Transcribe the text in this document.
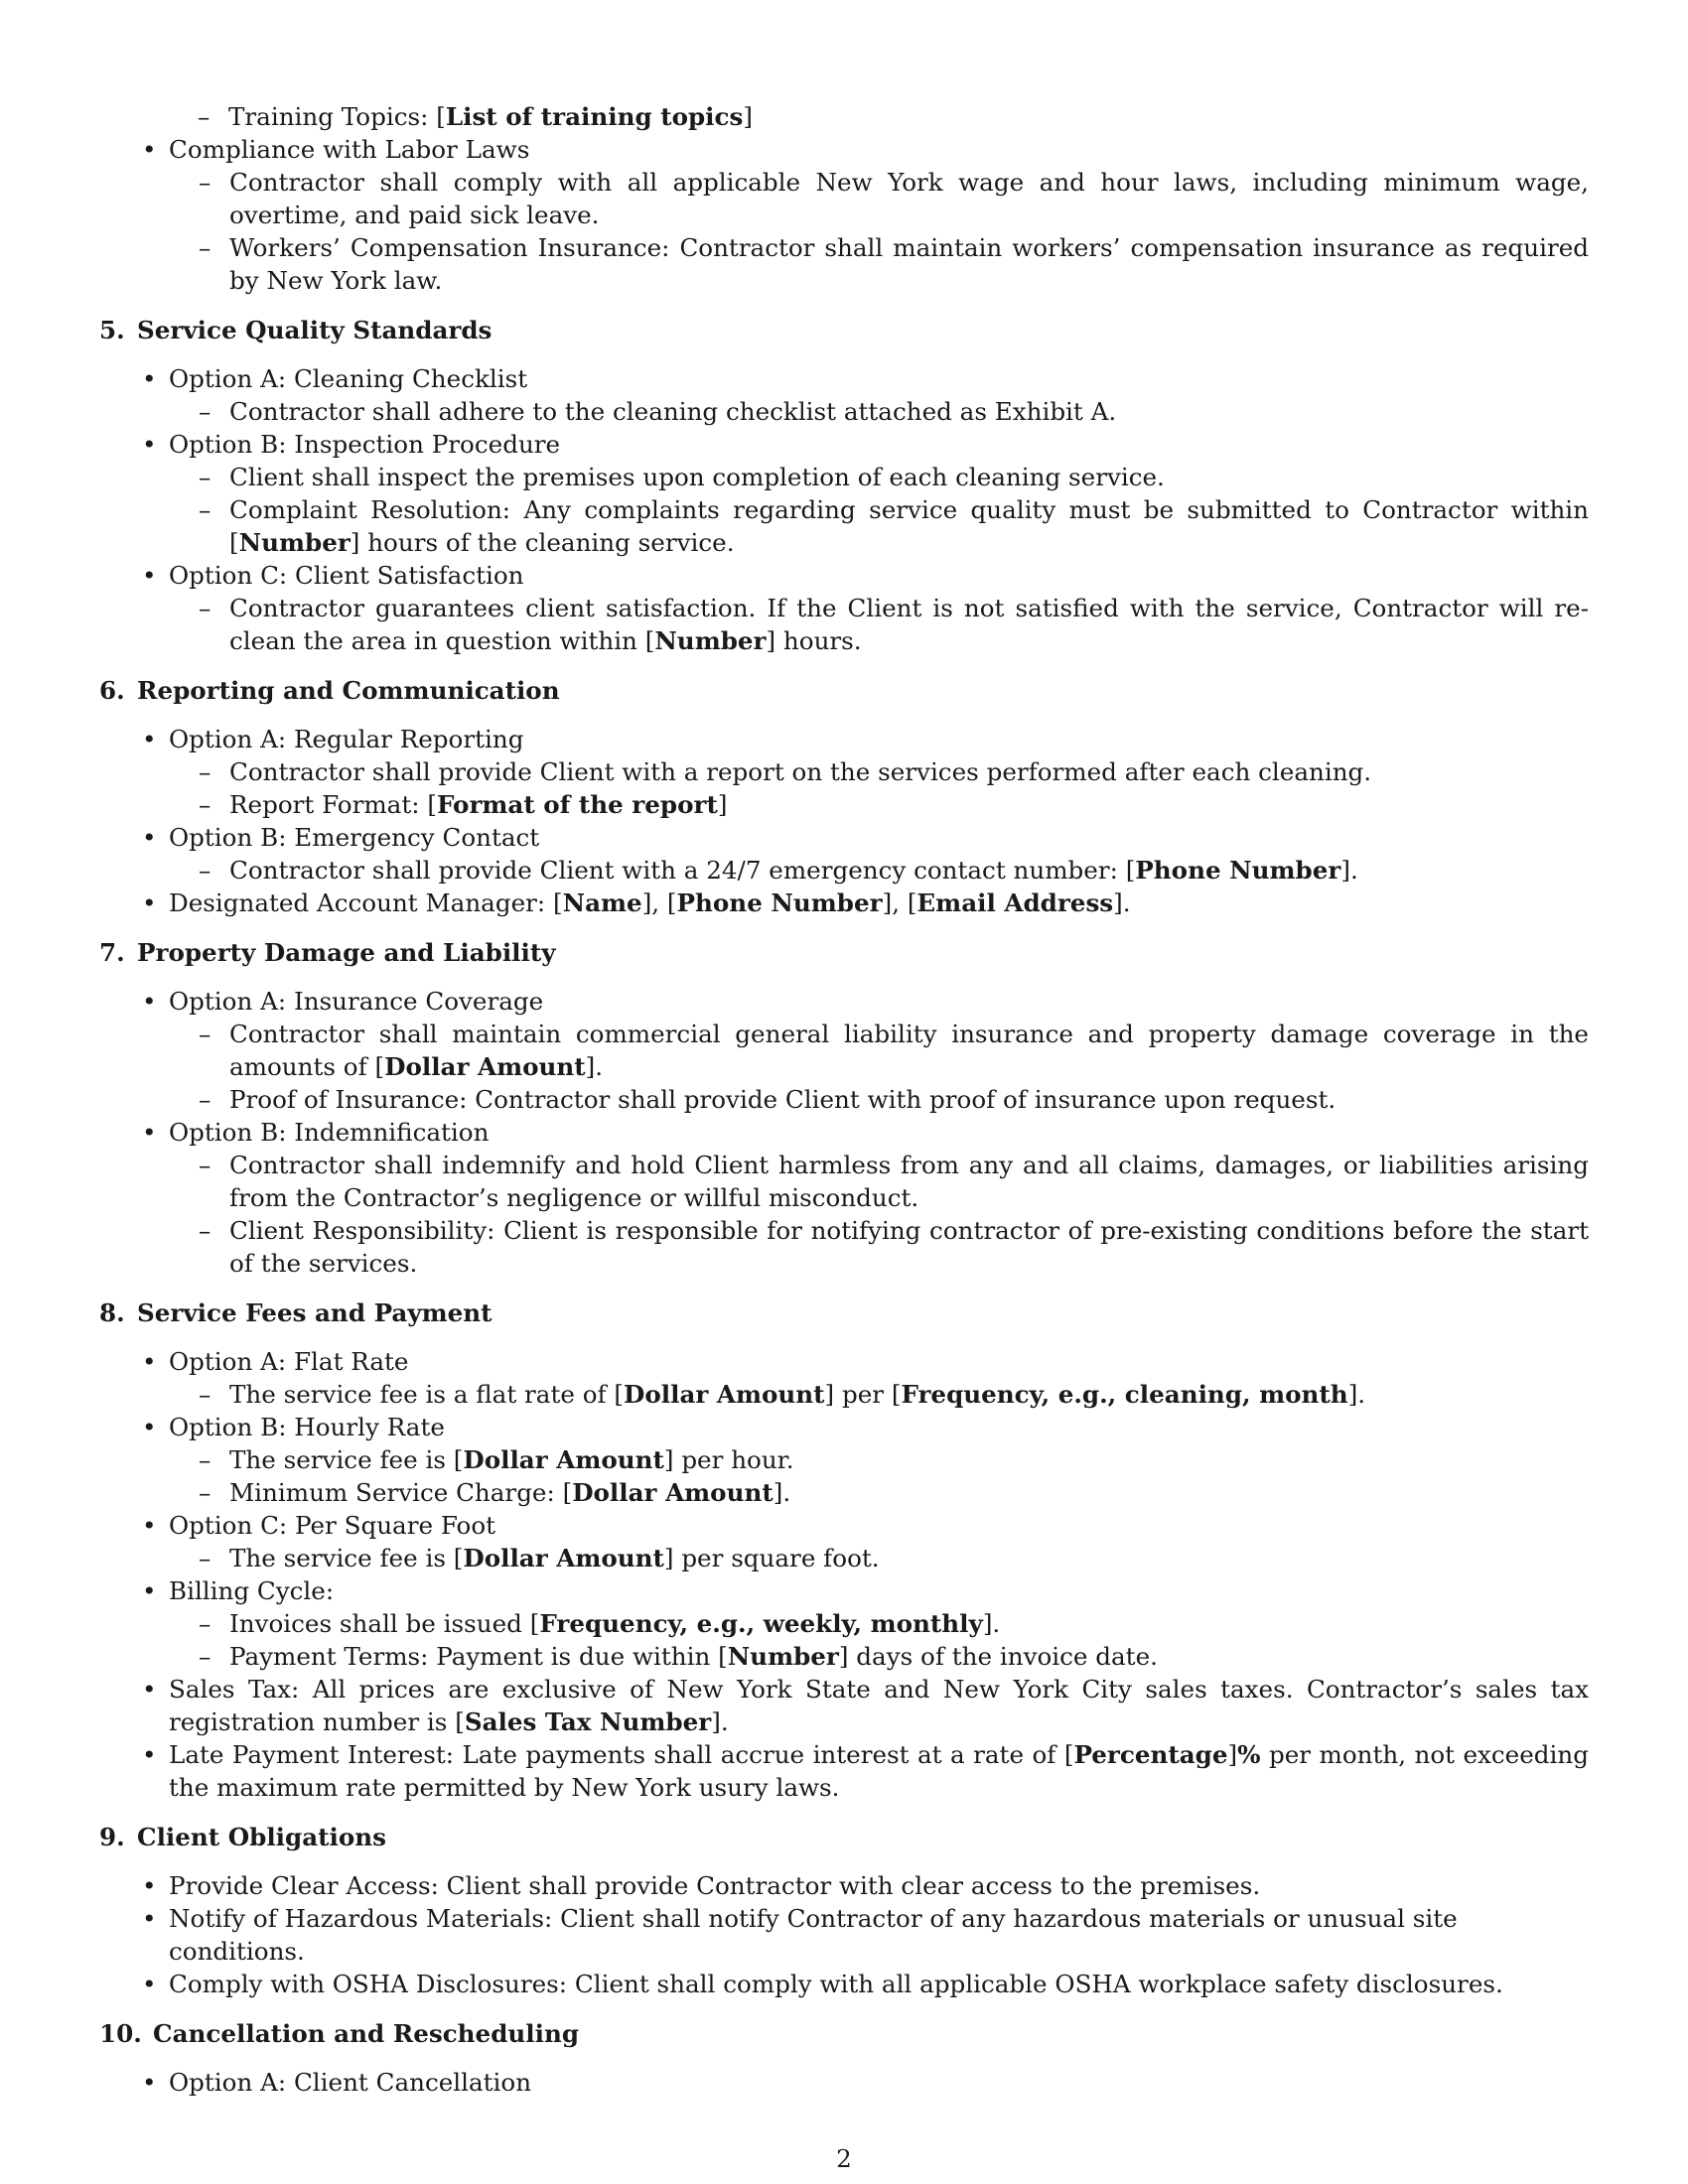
– Training Topics: [List of training topics]
• Compliance with Labor Laws
– Contractor shall comply with all applicable New York wage and hour laws, including minimum wage, overtime, and paid sick leave.
– Workers’ Compensation Insurance: Contractor shall maintain workers’ compensation insurance as required by New York law.
5. Service Quality Standards
• Option A: Cleaning Checklist
– Contractor shall adhere to the cleaning checklist attached as Exhibit A.
• Option B: Inspection Procedure
– Client shall inspect the premises upon completion of each cleaning service.
– Complaint Resolution: Any complaints regarding service quality must be submitted to Contractor within [Number] hours of the cleaning service.
• Option C: Client Satisfaction
– Contractor guarantees client satisfaction. If the Client is not satisfied with the service, Contractor will re-clean the area in question within [Number] hours.
6. Reporting and Communication
• Option A: Regular Reporting
– Contractor shall provide Client with a report on the services performed after each cleaning.
– Report Format: [Format of the report]
• Option B: Emergency Contact
– Contractor shall provide Client with a 24/7 emergency contact number: [Phone Number].
• Designated Account Manager: [Name], [Phone Number], [Email Address].
7. Property Damage and Liability
• Option A: Insurance Coverage
– Contractor shall maintain commercial general liability insurance and property damage coverage in the amounts of [Dollar Amount].
– Proof of Insurance: Contractor shall provide Client with proof of insurance upon request.
• Option B: Indemnification
– Contractor shall indemnify and hold Client harmless from any and all claims, damages, or liabilities arising from the Contractor’s negligence or willful misconduct.
– Client Responsibility: Client is responsible for notifying contractor of pre-existing conditions before the start of the services.
8. Service Fees and Payment
• Option A: Flat Rate
– The service fee is a flat rate of [Dollar Amount] per [Frequency, e.g., cleaning, month].
• Option B: Hourly Rate
– The service fee is [Dollar Amount] per hour.
– Minimum Service Charge: [Dollar Amount].
• Option C: Per Square Foot
– The service fee is [Dollar Amount] per square foot.
• Billing Cycle:
– Invoices shall be issued [Frequency, e.g., weekly, monthly].
– Payment Terms: Payment is due within [Number] days of the invoice date.
• Sales Tax: All prices are exclusive of New York State and New York City sales taxes. Contractor’s sales tax registration number is [Sales Tax Number].
• Late Payment Interest: Late payments shall accrue interest at a rate of [Percentage]% per month, not exceeding the maximum rate permitted by New York usury laws.
9. Client Obligations
• Provide Clear Access: Client shall provide Contractor with clear access to the premises.
• Notify of Hazardous Materials: Client shall notify Contractor of any hazardous materials or unusual site conditions.
• Comply with OSHA Disclosures: Client shall comply with all applicable OSHA workplace safety disclosures.
10. Cancellation and Rescheduling
• Option A: Client Cancellation
2
